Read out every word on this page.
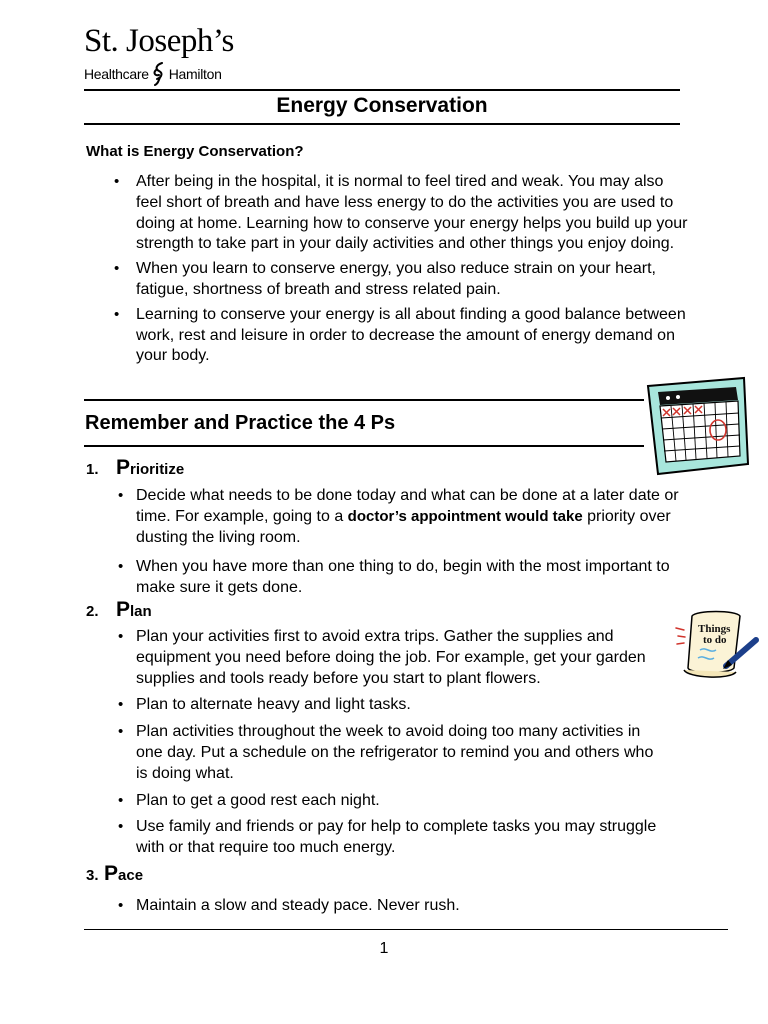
St. Joseph’s
Healthcare Hamilton
Energy Conservation
What is Energy Conservation?
• After being in the hospital, it is normal to feel tired and weak. You may also feel short of breath and have less energy to do the activities you are used to doing at home. Learning how to conserve your energy helps you build up your strength to take part in your daily activities and other things you enjoy doing.
• When you learn to conserve energy, you also reduce strain on your heart, fatigue, shortness of breath and stress related pain.
• Learning to conserve your energy is all about finding a good balance between work, rest and leisure in order to decrease the amount of energy demand on your body.
Remember and Practice the 4 Ps
1. Prioritize
• Decide what needs to be done today and what can be done at a later date or time. For example, going to a doctor’s appointment would take priority over dusting the living room.
• When you have more than one thing to do, begin with the most important to make sure it gets done.
2. Plan
• Plan your activities first to avoid extra trips. Gather the supplies and equipment you need before doing the job. For example, get your garden supplies and tools ready before you start to plant flowers.
• Plan to alternate heavy and light tasks.
• Plan activities throughout the week to avoid doing too many activities in one day. Put a schedule on the refrigerator to remind you and others who is doing what.
• Plan to get a good rest each night.
• Use family and friends or pay for help to complete tasks you may struggle with or that require too much energy.
Things
to do
3. Pace
• Maintain a slow and steady pace. Never rush.
1
